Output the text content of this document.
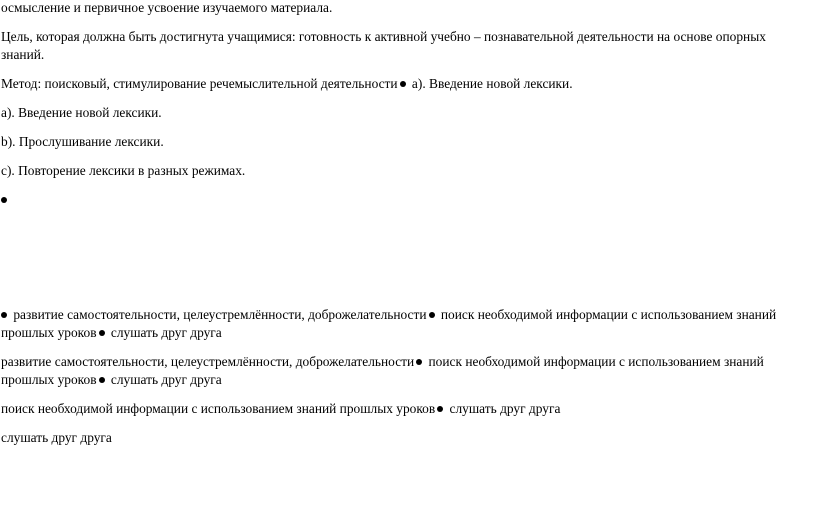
осмысление и первичное усвоение изучаемого материала.
Цель, которая должна быть достигнута учащимися: готовность к активной учебно – познавательной деятельности на основе опорных знаний.
Метод: поисковый, стимулирование речемыслительной деятельности а). Введение новой лексики.
а). Введение новой лексики.
b). Прослушивание лексики.
c). Повторение лексики в разных режимах.
развитие самостоятельности, целеустремлённости, доброжелательности поиск необходимой информации с использованием знаний прошлых уроков слушать друг друга
развитие самостоятельности, целеустремлённости, доброжелательности поиск необходимой информации с использованием знаний прошлых уроков слушать друг друга
поиск необходимой информации с использованием знаний прошлых уроков слушать друг друга
слушать друг друга
